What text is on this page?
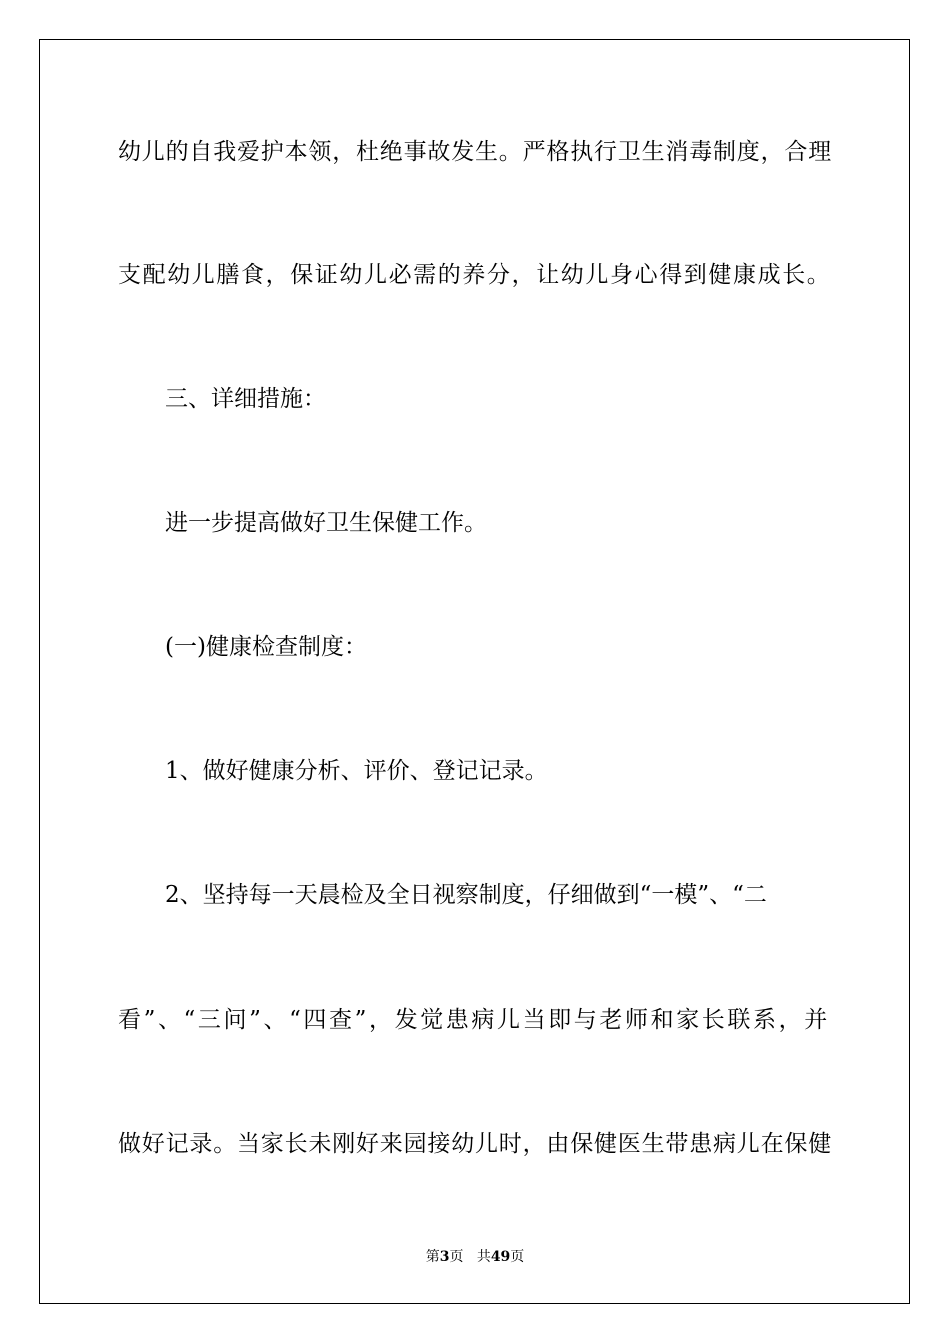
幼儿的自我爱护本领，杜绝事故发生。严格执行卫生消毒制度，合理
支配幼儿膳食，保证幼儿必需的养分，让幼儿身心得到健康成长。
三、详细措施：
进一步提高做好卫生保健工作。
(一)健康检查制度：
1、做好健康分析、评价、登记记录。
2、坚持每一天晨检及全日视察制度，仔细做到“一模”、“二
看”、“三问”、“四查”，发觉患病儿当即与老师和家长联系，并
做好记录。当家长未刚好来园接幼儿时，由保健医生带患病儿在保健
第3页 共49页
